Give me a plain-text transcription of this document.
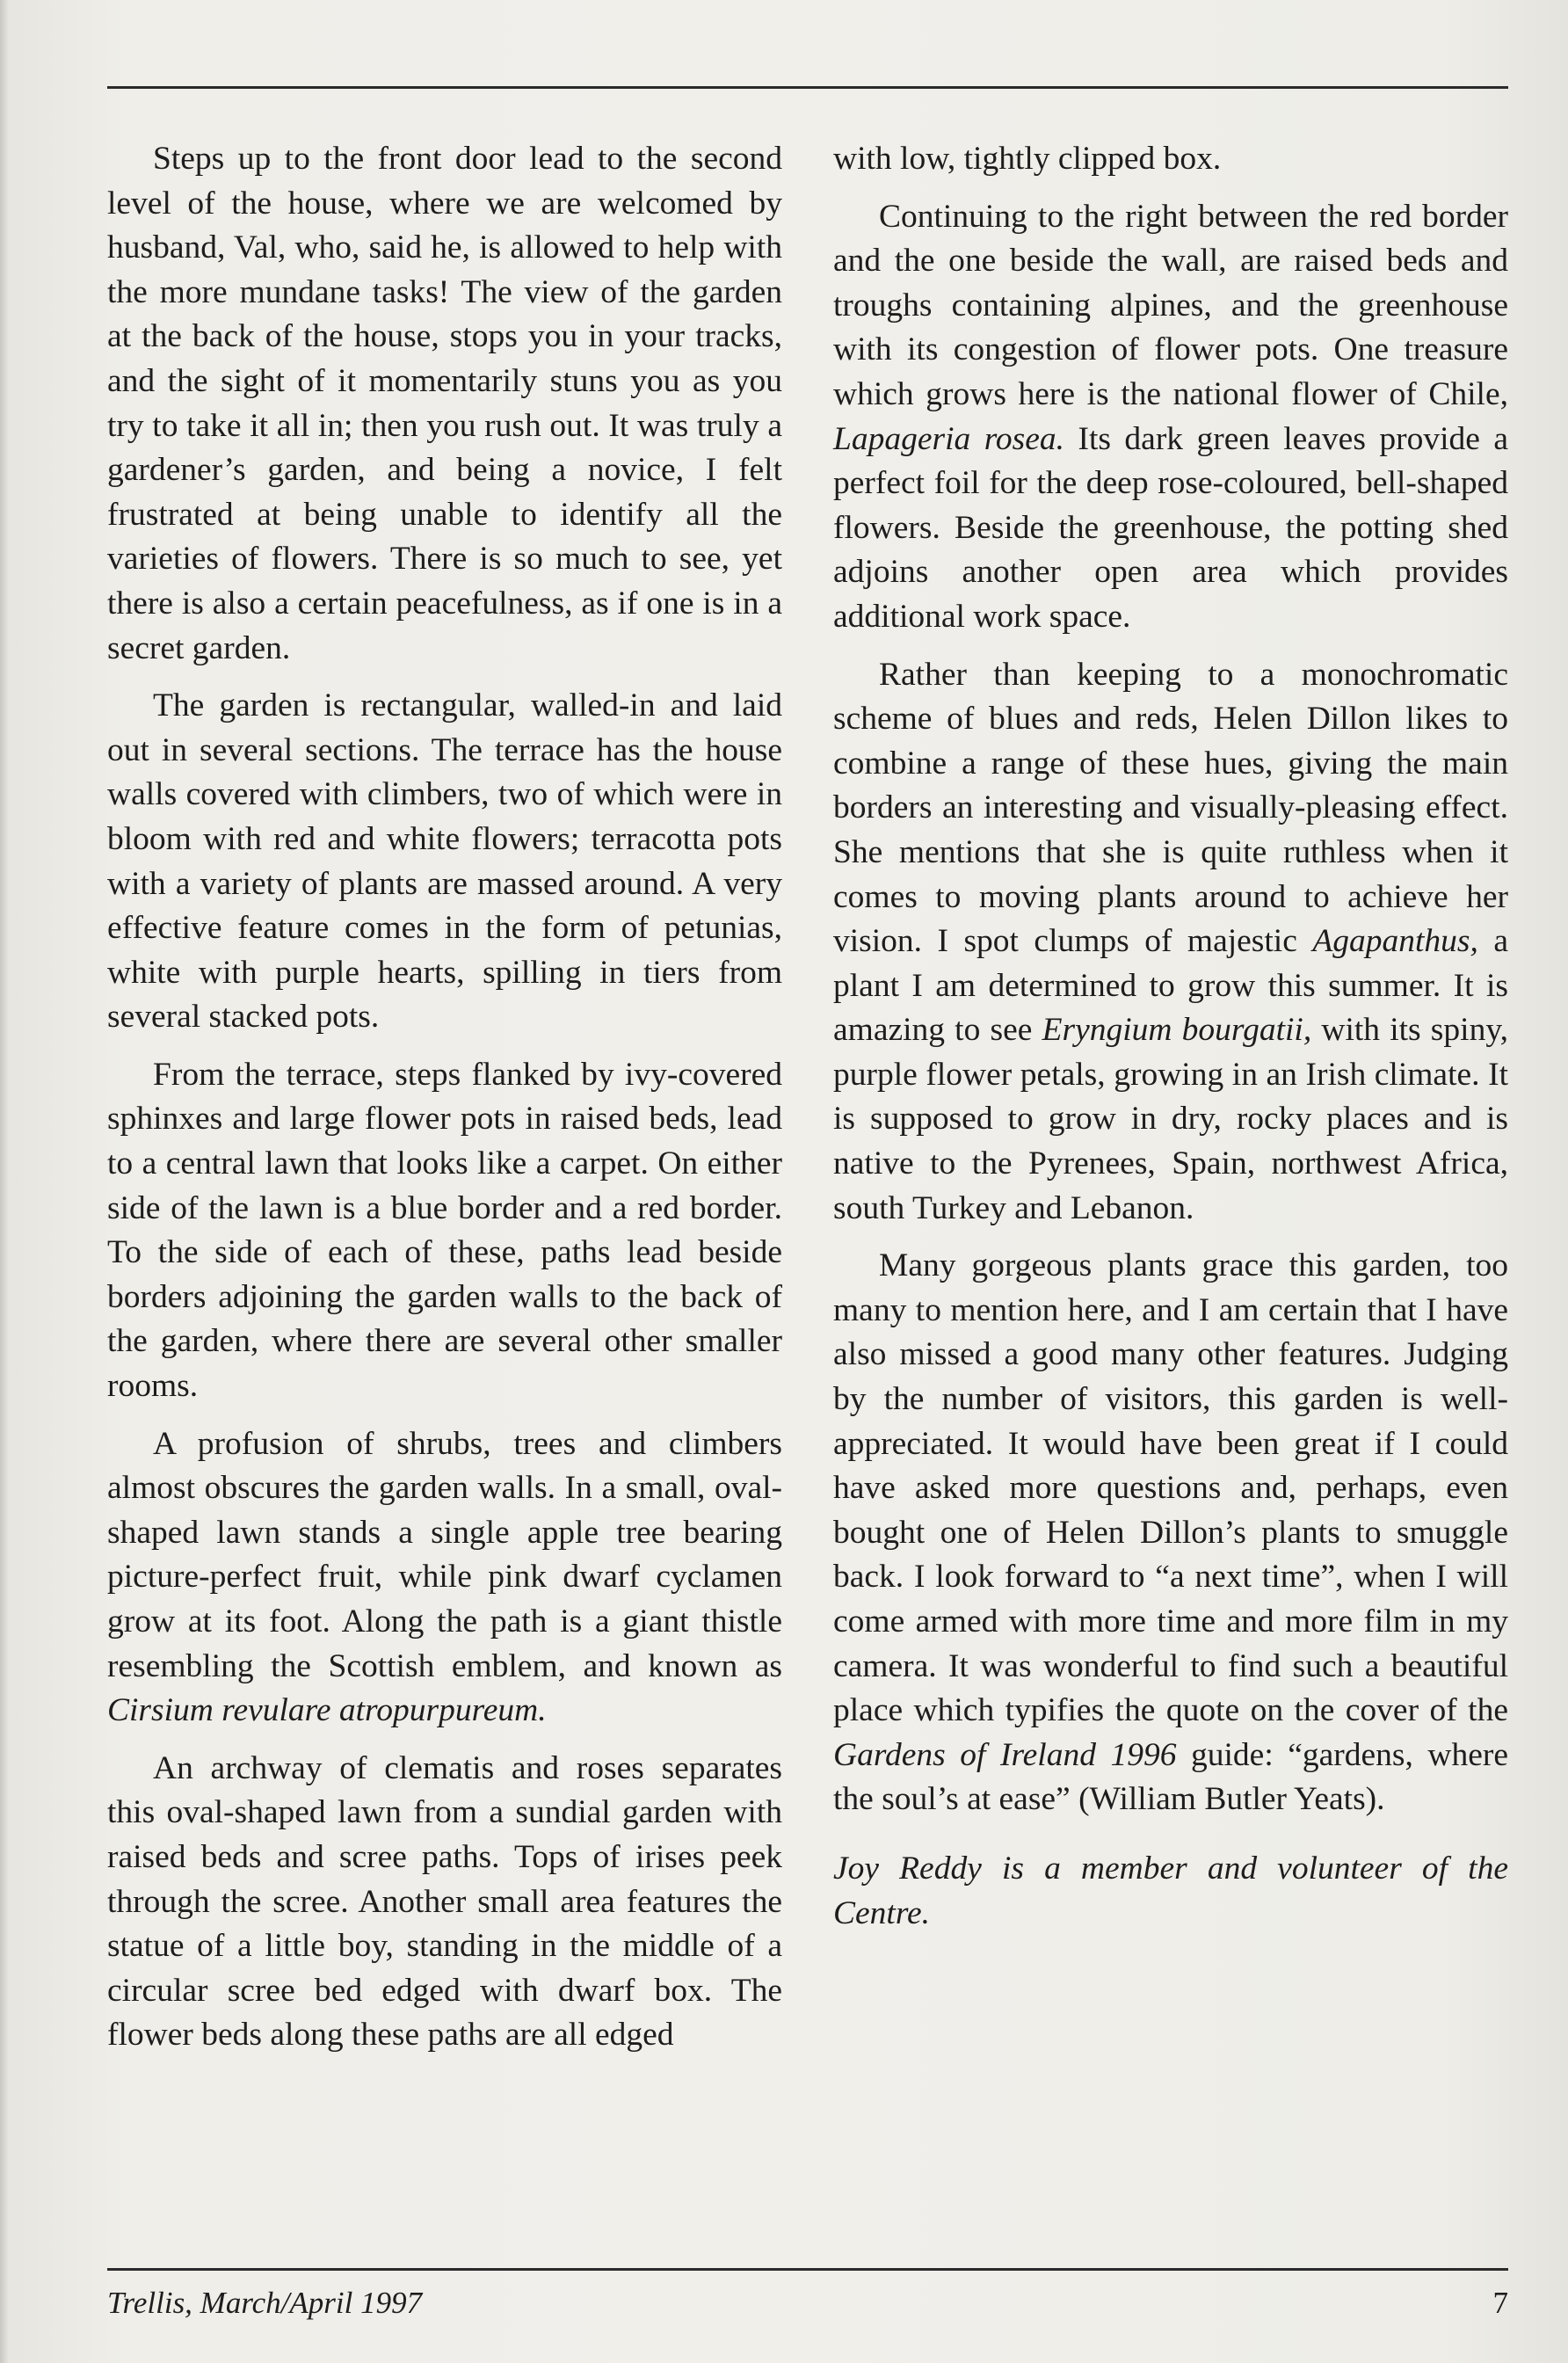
Steps up to the front door lead to the second level of the house, where we are welcomed by husband, Val, who, said he, is allowed to help with the more mundane tasks! The view of the garden at the back of the house, stops you in your tracks, and the sight of it momentarily stuns you as you try to take it all in; then you rush out. It was truly a gardener’s garden, and being a novice, I felt frustrated at being unable to identify all the varieties of flowers. There is so much to see, yet there is also a certain peacefulness, as if one is in a secret garden.

The garden is rectangular, walled-in and laid out in several sections. The terrace has the house walls covered with climbers, two of which were in bloom with red and white flowers; terracotta pots with a variety of plants are massed around. A very effective feature comes in the form of petunias, white with purple hearts, spilling in tiers from several stacked pots.

From the terrace, steps flanked by ivy-covered sphinxes and large flower pots in raised beds, lead to a central lawn that looks like a carpet. On either side of the lawn is a blue border and a red border. To the side of each of these, paths lead beside borders adjoining the garden walls to the back of the garden, where there are several other smaller rooms.

A profusion of shrubs, trees and climbers almost obscures the garden walls. In a small, oval-shaped lawn stands a single apple tree bearing picture-perfect fruit, while pink dwarf cyclamen grow at its foot. Along the path is a giant thistle resembling the Scottish emblem, and known as Cirsium revulare atropurpureum.

An archway of clematis and roses separates this oval-shaped lawn from a sundial garden with raised beds and scree paths. Tops of irises peek through the scree. Another small area features the statue of a little boy, standing in the middle of a circular scree bed edged with dwarf box. The flower beds along these paths are all edged

with low, tightly clipped box.

Continuing to the right between the red border and the one beside the wall, are raised beds and troughs containing alpines, and the greenhouse with its congestion of flower pots. One treasure which grows here is the national flower of Chile, Lapageria rosea. Its dark green leaves provide a perfect foil for the deep rose-coloured, bell-shaped flowers. Beside the greenhouse, the potting shed adjoins another open area which provides additional work space.

Rather than keeping to a monochromatic scheme of blues and reds, Helen Dillon likes to combine a range of these hues, giving the main borders an interesting and visually-pleasing effect. She mentions that she is quite ruthless when it comes to moving plants around to achieve her vision. I spot clumps of majestic Agapanthus, a plant I am determined to grow this summer. It is amazing to see Eryngium bourgatii, with its spiny, purple flower petals, growing in an Irish climate. It is supposed to grow in dry, rocky places and is native to the Pyrenees, Spain, northwest Africa, south Turkey and Lebanon.

Many gorgeous plants grace this garden, too many to mention here, and I am certain that I have also missed a good many other features. Judging by the number of visitors, this garden is well-appreciated. It would have been great if I could have asked more questions and, perhaps, even bought one of Helen Dillon’s plants to smuggle back. I look forward to “a next time”, when I will come armed with more time and more film in my camera. It was wonderful to find such a beautiful place which typifies the quote on the cover of the Gardens of Ireland 1996 guide: “gardens, where the soul’s at ease” (William Butler Yeats).

Joy Reddy is a member and volunteer of the Centre.

Trellis, March/April 1997	7
